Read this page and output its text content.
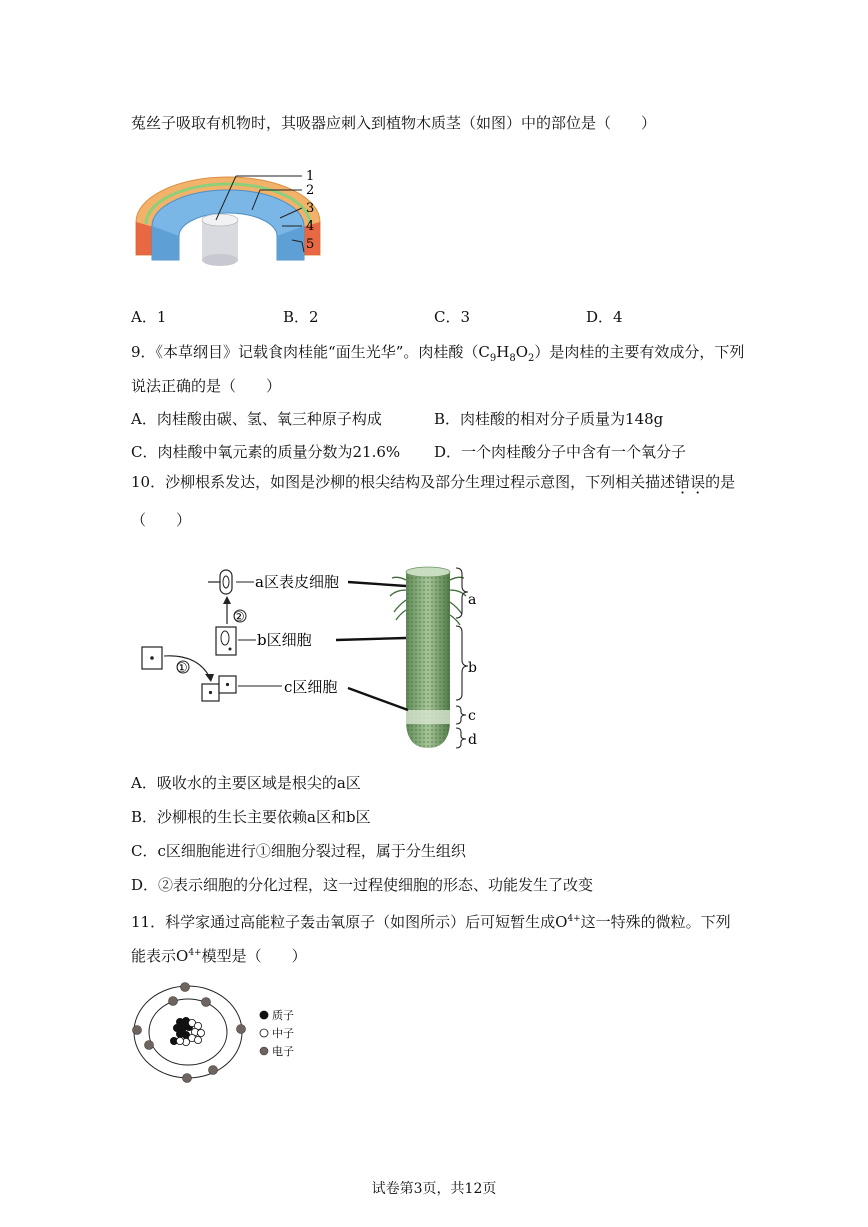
菟丝子吸取有机物时，其吸器应刺入到植物木质茎（如图）中的部位是（　　）
1
2
3
4
5
A．1	B．2	C．3	D．4
9．《本草纲目》记载食肉桂能“面生光华”。肉桂酸$(C_9H_8O_2)$是肉桂的主要有效成分，下列
说法正确的是（　　）
A．肉桂酸由碳、氢、氧三种原子构成	B．肉桂酸的相对分子质量为148g
C．肉桂酸中氧元素的质量分数为21.6% D．一个肉桂酸分子中含有一个氧分子
10．沙柳根系发达，如图是沙柳的根尖结构及部分生理过程示意图，下列相关描述错误的是
（　　）
a
b
c
d
a区表皮细胞
②
b区细胞
①
c区细胞
A．吸收水的主要区域是根尖的a区
B．沙柳根的生长主要依赖a区和b区
C．c区细胞能进行①细胞分裂过程，属于分生组织
D．②表示细胞的分化过程，这一过程使细胞的形态、功能发生了改变
11．科学家通过高能粒子轰击氧原子（如图所示）后可短暂生成$O^{4+}$这一特殊的微粒。下列
能表示$O^{4+}$模型是（　　）
质子
中子
电子
试卷第3页，共12页
